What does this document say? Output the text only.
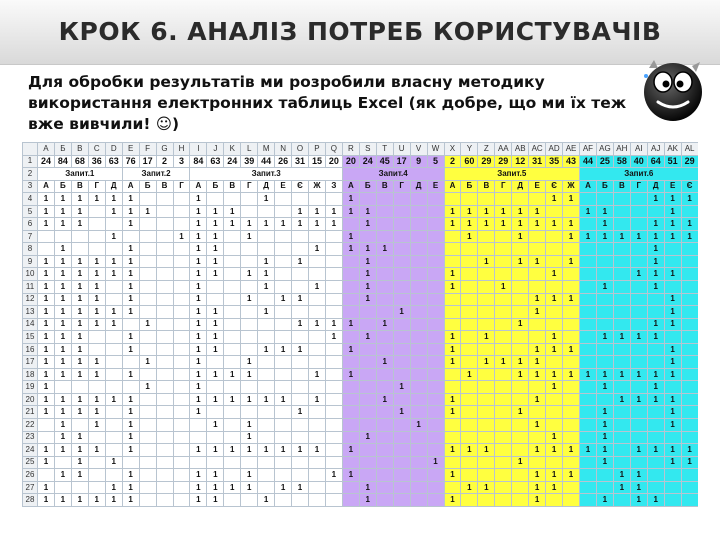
КРОК 6. АНАЛІЗ ПОТРЕБ КОРИСТУВАЧІВ
Для обробки результатів ми розробили власну методику
використання електронних таблиць Excel (як добре, що ми їх теж
вже вивчили! ☺)
	А	Б	В	С	D	E	F	G	H	I	J	K	L	M	N	O	P	Q	R	S	T	U	V	W	X	Y	Z	AA	AB	AC	AD	AE	AF	AG	AH	AI	AJ	AK	AL
1	24	84	68	36	63	76	17	2	3	84	63	24	39	44	26	31	15	20	20	24	45	17	9	5	2	60	29	29	12	31	35	43	44	25	58	40	64	51	29
2	Запит.1					Запит.2				Запит.3									Запит.4						Запит.5								Запит.6						
3	А	Б	В	Г	Д	А	Б	В	Г	А	Б	В	Г	Д	Е	Є	Ж	З	А	Б	В	Г	Д	Е	А	Б	В	Г	Д	Е	Є	Ж	А	Б	В	Г	Д	Е	Є
4	1	1	1	1	1	1				1				1					1												1	1					1	1	1
5	1	1	1		1	1	1			1	1	1				1	1	1	1	1					1	1	1	1	1	1			1	1				1	
6	1	1	1			1				1	1	1	1	1	1	1	1	1		1					1	1	1	1	1	1	1	1		1			1	1	1
7					1				1	1	1		1						1							1			1			1	1	1	1	1	1	1	1
8		1				1				1	1						1		1	1	1																1		
9	1	1	1	1	1	1				1	1			1		1				1							1		1	1		1					1		
10	1	1	1	1	1	1				1	1		1	1						1					1						1					1	1	1	
11	1	1	1	1		1				1				1			1			1					1			1						1			1		
12	1	1	1	1		1				1			1		1	1				1										1	1	1						1	
13	1	1	1	1	1	1				1	1			1								1								1								1	
14	1	1	1	1	1		1			1	1					1	1	1	1		1								1								1	1	
15	1	1	1			1				1	1							1		1					1		1				1			1	1	1	1		
16	1	1	1			1				1	1			1	1	1			1						1					1	1	1						1	
17	1	1	1	1			1			1			1								1				1		1	1	1	1								1	
18	1	1	1	1		1				1	1	1	1				1		1							1			1	1	1	1	1	1	1	1	1	1	
19	1						1			1												1									1			1			1		
20	1	1	1	1	1	1				1	1	1	1	1	1		1				1				1					1					1	1	1	1	
21	1	1	1	1		1				1						1						1			1				1					1				1	
22		1		1		1					1		1										1							1				1				1	
23		1	1			1							1							1											1			1					
24	1	1	1	1		1				1	1	1	1	1	1	1	1		1						1	1	1			1	1	1	1	1		1	1	1	1
25	1		1		1																			1					1					1				1	1
26		1	1			1				1	1		1					1	1						1					1	1	1			1	1			
27	1				1	1				1	1	1	1		1	1				1						1	1			1	1				1	1			
28	1	1	1	1	1	1				1	1			1						1					1					1				1		1	1		
